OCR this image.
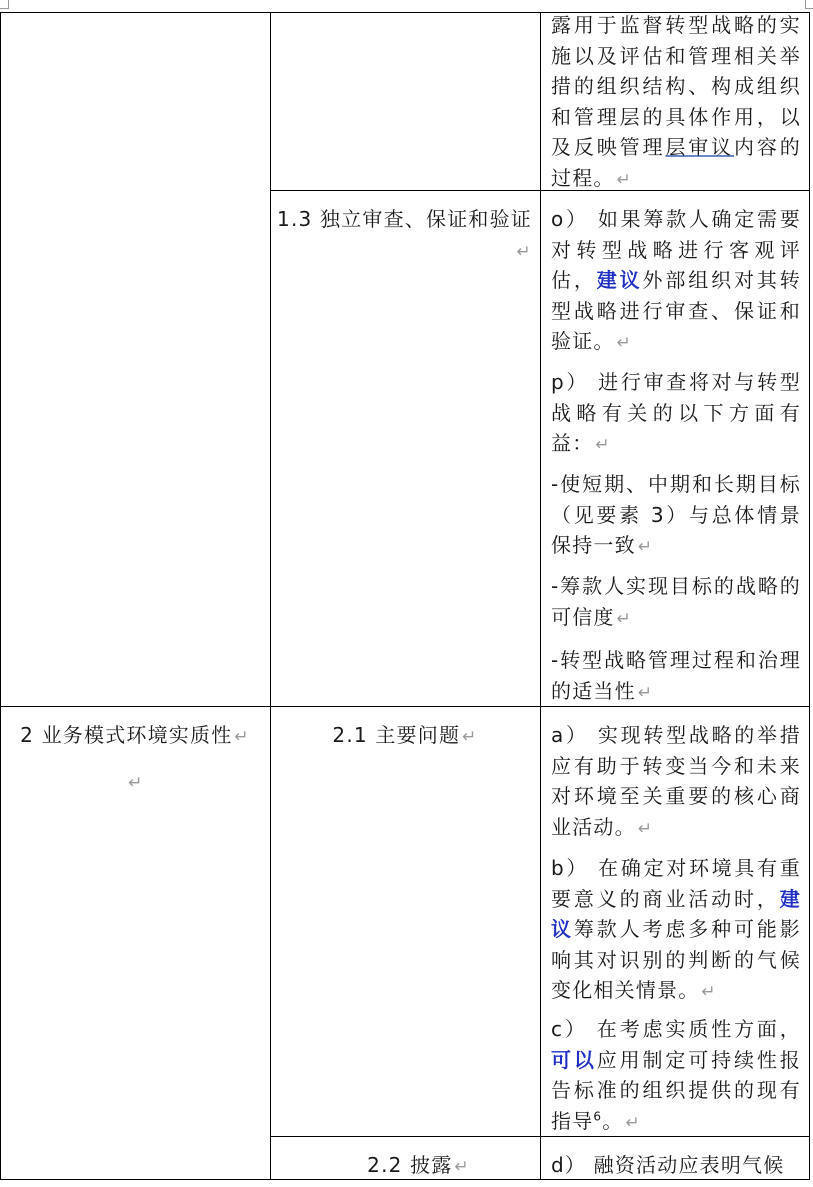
露用于监督转型战略的实施以及评估和管理相关举措的组织结构、构成组织和管理层的具体作用，以及反映管理层审议内容的过程。 ↵
1.3 独立审查、保证和验证↵
o） 如果筹款人确定需要对转型战略进行客观评估，建议外部组织对其转型战略进行审查、保证和验证。 ↵
p） 进行审查将对与转型战略有关的以下方面有益： ↵
-使短期、中期和长期目标（见要素 3）与总体情景保持一致 ↵
-筹款人实现目标的战略的可信度 ↵
-转型战略管理过程和治理的适当性 ↵
2 业务模式环境实质性 ↵
↵
2.1 主要问题 ↵	a） 实现转型战略的举措应有助于转变当今和未来对环境至关重要的核心商业活动。 ↵
b） 在确定对环境具有重要意义的商业活动时，建议筹款人考虑多种可能影响其对识别的判断的气候变化相关情景。 ↵
c） 在考虑实质性方面，可以应用制定可持续性报告标准的组织提供的现有指导$^6$。 ↵
2.2 披露 ↵	d） 融资活动应表明气候
